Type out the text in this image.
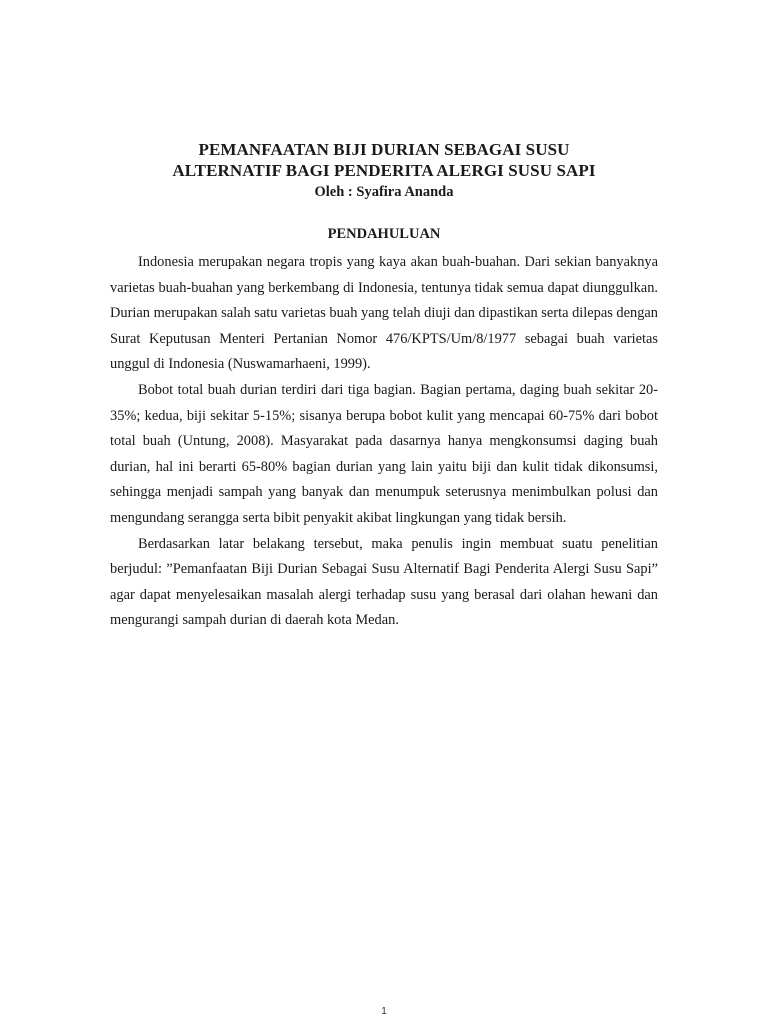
PEMANFAATAN BIJI DURIAN SEBAGAI SUSU
ALTERNATIF BAGI PENDERITA ALERGI SUSU SAPI
Oleh : Syafira Ananda
PENDAHULUAN

Indonesia merupakan negara tropis yang kaya akan buah-buahan. Dari sekian banyaknya varietas buah-buahan yang berkembang di Indonesia, tentunya tidak semua dapat diunggulkan. Durian merupakan salah satu varietas buah yang telah diuji dan dipastikan serta dilepas dengan Surat Keputusan Menteri Pertanian Nomor 476/KPTS/Um/8/1977 sebagai buah varietas unggul di Indonesia (Nuswamarhaeni, 1999).

Bobot total buah durian terdiri dari tiga bagian. Bagian pertama, daging buah sekitar 20-35%; kedua, biji sekitar 5-15%; sisanya berupa bobot kulit yang mencapai 60-75% dari bobot total buah (Untung, 2008). Masyarakat pada dasarnya hanya mengkonsumsi daging buah durian, hal ini berarti 65-80% bagian durian yang lain yaitu biji dan kulit tidak dikonsumsi, sehingga menjadi sampah yang banyak dan menumpuk seterusnya menimbulkan polusi dan mengundang serangga serta bibit penyakit akibat lingkungan yang tidak bersih.

Berdasarkan latar belakang tersebut, maka penulis ingin membuat suatu penelitian berjudul: ”Pemanfaatan Biji Durian Sebagai Susu Alternatif Bagi Penderita Alergi Susu Sapi” agar dapat menyelesaikan masalah alergi terhadap susu yang berasal dari olahan hewani dan mengurangi sampah durian di daerah kota Medan.

1
